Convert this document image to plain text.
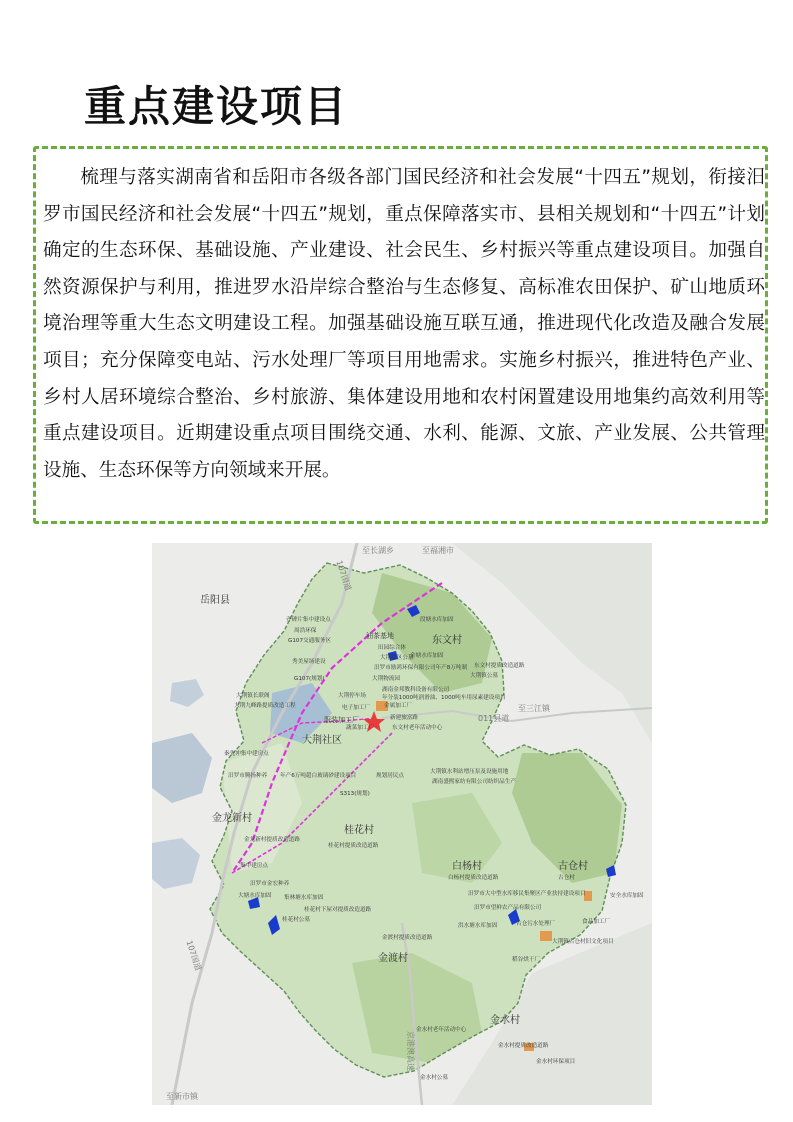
重点建设项目

梳理与落实湖南省和岳阳市各级各部门国民经济和社会发展“十四五”规划，衔接汨罗市国民经济和社会发展“十四五”规划，重点保障落实市、县相关规划和“十四五”计划确定的生态环保、基础设施、产业建设、社会民生、乡村振兴等重点建设项目。加强自然资源保护与利用，推进罗水沿岸综合整治与生态修复、高标准农田保护、矿山地质环境治理等重大生态文明建设工程。加强基础设施互联互通，推进现代化改造及融合发展项目；充分保障变电站、污水处理厂等项目用地需求。实施乡村振兴，推进特色产业、乡村人居环境综合整治、乡村旅游、集体建设用地和农村闲置建设用地集约高效利用等重点建设项目。近期建设重点项目围绕交通、水利、能源、文旅、产业发展、公共管理设施、生态环保等方向领域来开展。

岳阳县
东文村
大荆社区
金龙新村
桂花村
白杨村	古仓村
金渡村
金水村
107国道
107国道
011县道
京港澳高速
至长湖乡	至福湘市
至三江镇
至新市镇
齐碑片集中建设点
周浩环保
G107交通服务区
油茶基地
田园综合体
大荆社区公墓
汨罗市励鸿环保有限公司年产8万吨制
秀美屋场建设
G107(规划)	大荆物流园
金塘水库加固
大荆镇公墓
东文村提质改造道路
段塘水库加固
大荆停车场
湖南金邦教科设备有限公司
年分装1000吨润滑油、1000吨车用尿素建设项目
金属加工厂
电子加工厂
服装加工厂	新建旅富路
东文村老年活动中心
蔬菜加工厂
大荆九峰路提质改造工程
大荆镇长联阁
秦先冲集中建房点
汨罗市腾扬种养 年产6万吨超白玻璃砂建设项目	规划居民点
大荆镇水利站增压泵及设施用地
湖南盛熙家纺有限公司纺织品生产
S313(规划)
金龙新村提质改造道路
桂花村提质改造道路
集中建房点
汨罗市金宏种养
大塘水库加固 集林塘水库加固
桂花村下屋对提质改造道路
桂花村公墓
白杨村提质改造道路
汨罗市大中型水库移民集聚区产业扶持建设项目
古仓村
汨罗市望鲜农产品有限公司
古仓污水处理厂
安全水库加固
食品加工厂
洪水塘水库加固
大荆镇古仓村旧文化项目
稻谷烘干厂
金渡村提质改造道路
金水村老年活动中心
金水村提质改造道路
金水村公墓
金水村环保项目
